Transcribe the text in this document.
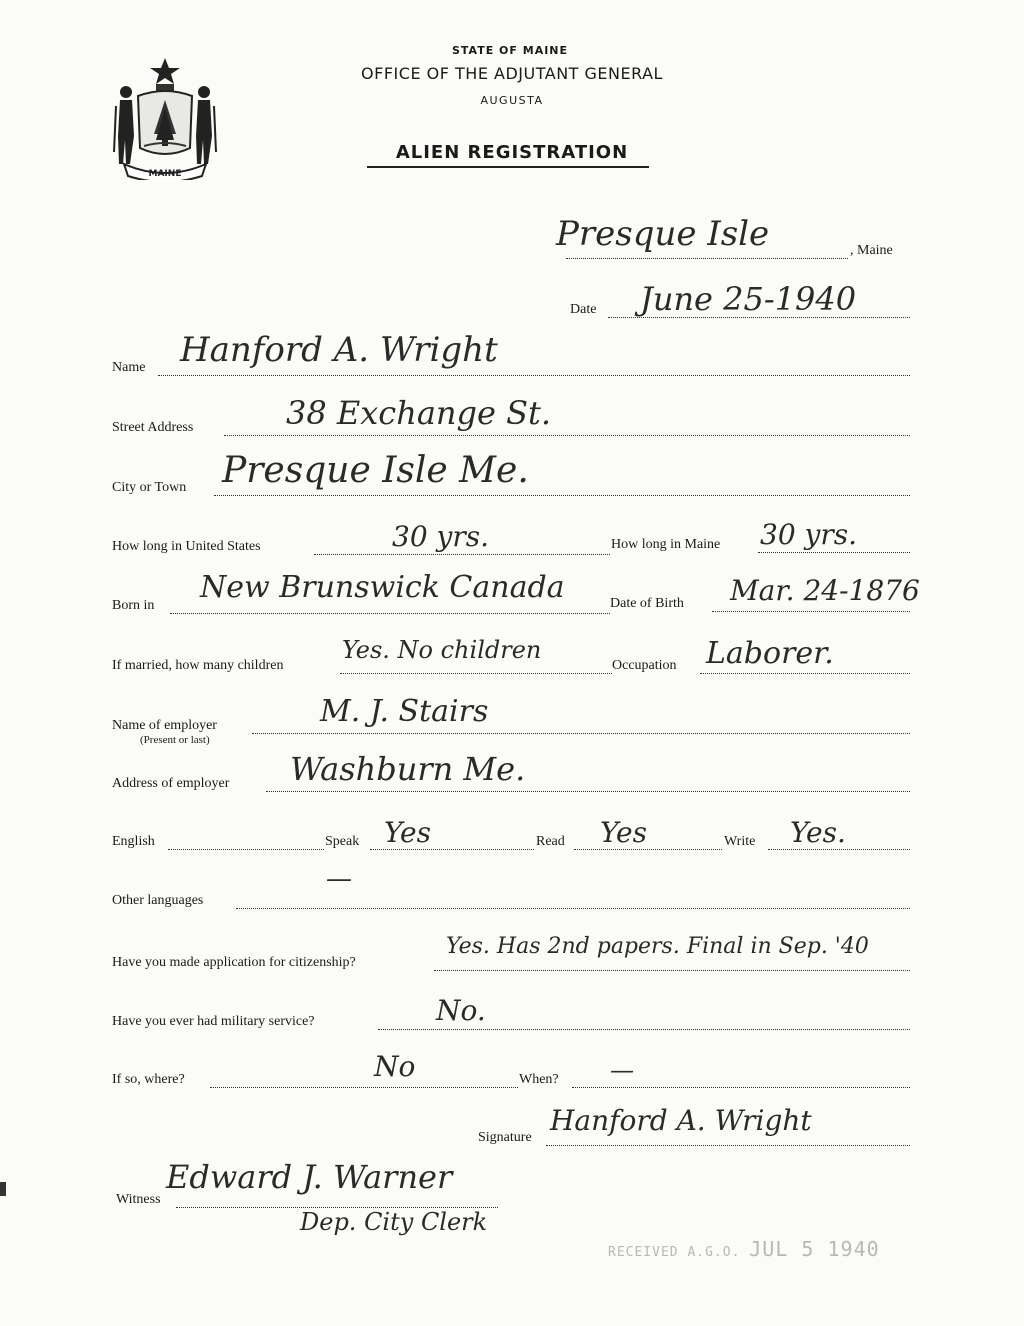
MAINE
STATE OF MAINE
OFFICE OF THE ADJUTANT GENERAL
AUGUSTA
ALIEN REGISTRATION
Presque Isle	, Maine
Date June 25-1940
Name Hanford A. Wright
Street Address	38 Exchange St.
City or Town Presque Isle Me.
How long in United States	30 yrs.	How long in Maine 30 yrs.
Born in
New Brunswick Canada	Date of Birth Mar. 24-1876
If married, how many children
Yes. No children
Occupation Laborer.
Name of employer
(Present or last)
M. J. Stairs
Address of employer Washburn Me.
English	Speak Yes	Read Yes	Write Yes.
Other languages
—
Have you made application for citizenship?
Yes. Has 2nd papers. Final in Sep. '40
Have you ever had military service?	No.
If so, where?	No	When? —
Signature
Hanford A. Wright
Witness
Edward J. Warner
Dep. City Clerk
RECEIVED A.G.O. JUL 5 1940
